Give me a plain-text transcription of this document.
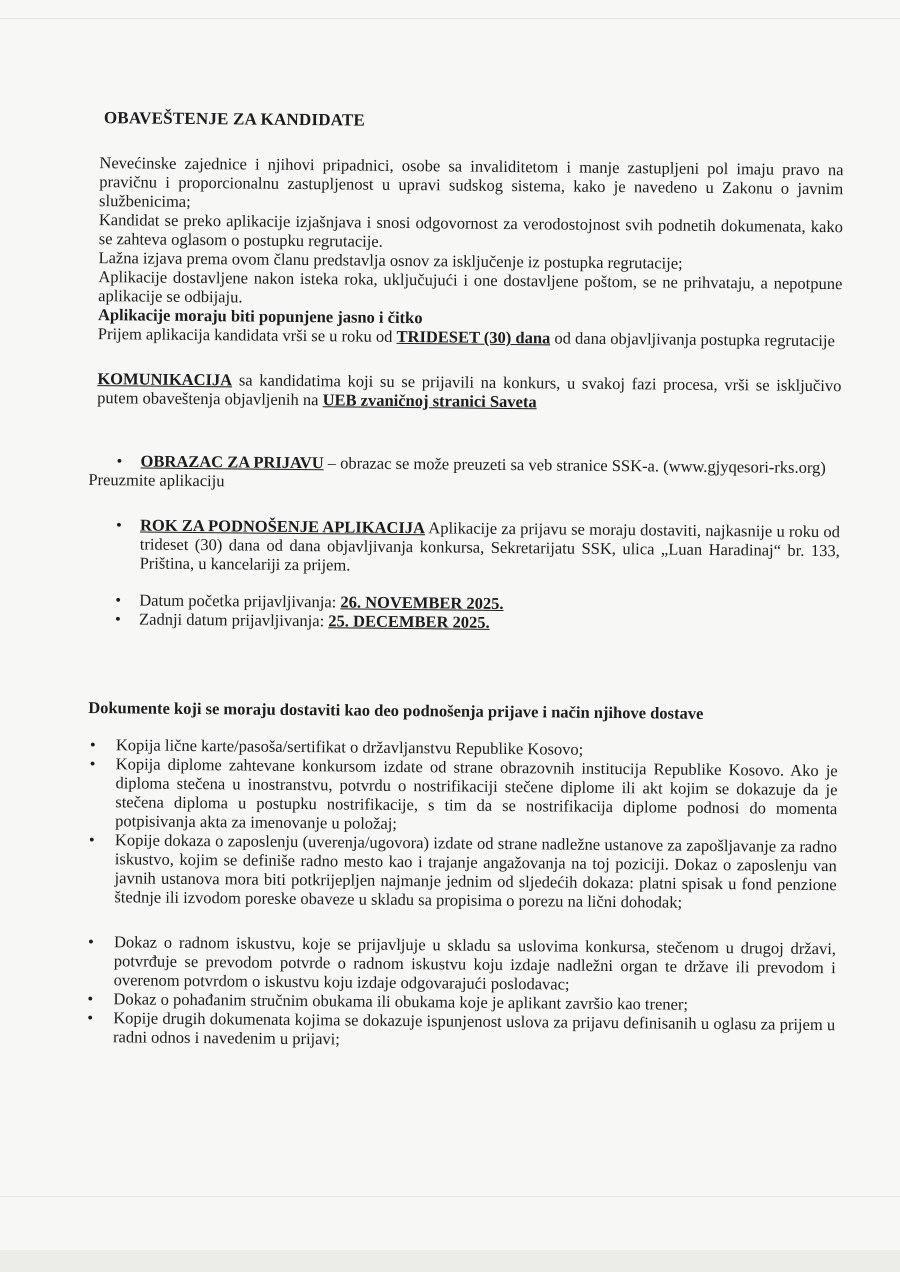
OBAVEŠTENJE ZA KANDIDATE

Nevećinske zajednice i njihovi pripadnici, osobe sa invaliditetom i manje zastupljeni pol imaju pravo na pravičnu i proporcionalnu zastupljenost u upravi sudskog sistema, kako je navedeno u Zakonu o javnim službenicima;

Kandidat se preko aplikacije izjašnjava i snosi odgovornost za verodostojnost svih podnetih dokumenata, kako se zahteva oglasom o postupku regrutacije.

Lažna izjava prema ovom članu predstavlja osnov za isključenje iz postupka regrutacije;

Aplikacije dostavljene nakon isteka roka, uključujući i one dostavljene poštom, se ne prihvataju, a nepotpune aplikacije se odbijaju.

Aplikacije moraju biti popunjene jasno i čitko

Prijem aplikacija kandidata vrši se u roku od TRIDESET (30) dana od dana objavljivanja postupka regrutacije

KOMUNIKACIJA sa kandidatima koji su se prijavili na konkurs, u svakoj fazi procesa, vrši se isključivo putem obaveštenja objavljenih na UEB zvaničnoj stranici Saveta

• OBRAZAC ZA PRIJAVU – obrazac se može preuzeti sa veb stranice SSK-a. (www.gjyqesori-rks.org)

Preuzmite aplikaciju

• ROK ZA PODNOŠENJE APLIKACIJA Aplikacije za prijavu se moraju dostaviti, najkasnije u roku od trideset (30) dana od dana objavljivanja konkursa, Sekretarijatu SSK, ulica „Luan Haradinaj“ br. 133, Priština, u kancelariji za prijem.
• Datum početka prijavljivanja: 26. NOVEMBER 2025.
• Zadnji datum prijavljivanja: 25. DECEMBER 2025.

Dokumente koji se moraju dostaviti kao deo podnošenja prijave i način njihove dostave

• Kopija lične karte/pasoša/sertifikat o državljanstvu Republike Kosovo;
• Kopija diplome zahtevane konkursom izdate od strane obrazovnih institucija Republike Kosovo. Ako je diploma stečena u inostranstvu, potvrdu o nostrifikaciji stečene diplome ili akt kojim se dokazuje da je stečena diploma u postupku nostrifikacije, s tim da se nostrifikacija diplome podnosi do momenta potpisivanja akta za imenovanje u položaj;
• Kopije dokaza o zaposlenju (uverenja/ugovora) izdate od strane nadležne ustanove za zapošljavanje za radno iskustvo, kojim se definiše radno mesto kao i trajanje angažovanja na toj poziciji. Dokaz o zaposlenju van javnih ustanova mora biti potkrijepljen najmanje jednim od sljedećih dokaza: platni spisak u fond penzione štednje ili izvodom poreske obaveze u skladu sa propisima o porezu na lični dohodak;
• Dokaz o radnom iskustvu, koje se prijavljuje u skladu sa uslovima konkursa, stečenom u drugoj državi, potvrđuje se prevodom potvrde o radnom iskustvu koju izdaje nadležni organ te države ili prevodom i overenom potvrdom o iskustvu koju izdaje odgovarajući poslodavac;
• Dokaz o pohađanim stručnim obukama ili obukama koje je aplikant završio kao trener;
• Kopije drugih dokumenata kojima se dokazuje ispunjenost uslova za prijavu definisanih u oglasu za prijem u radni odnos i navedenim u prijavi;
